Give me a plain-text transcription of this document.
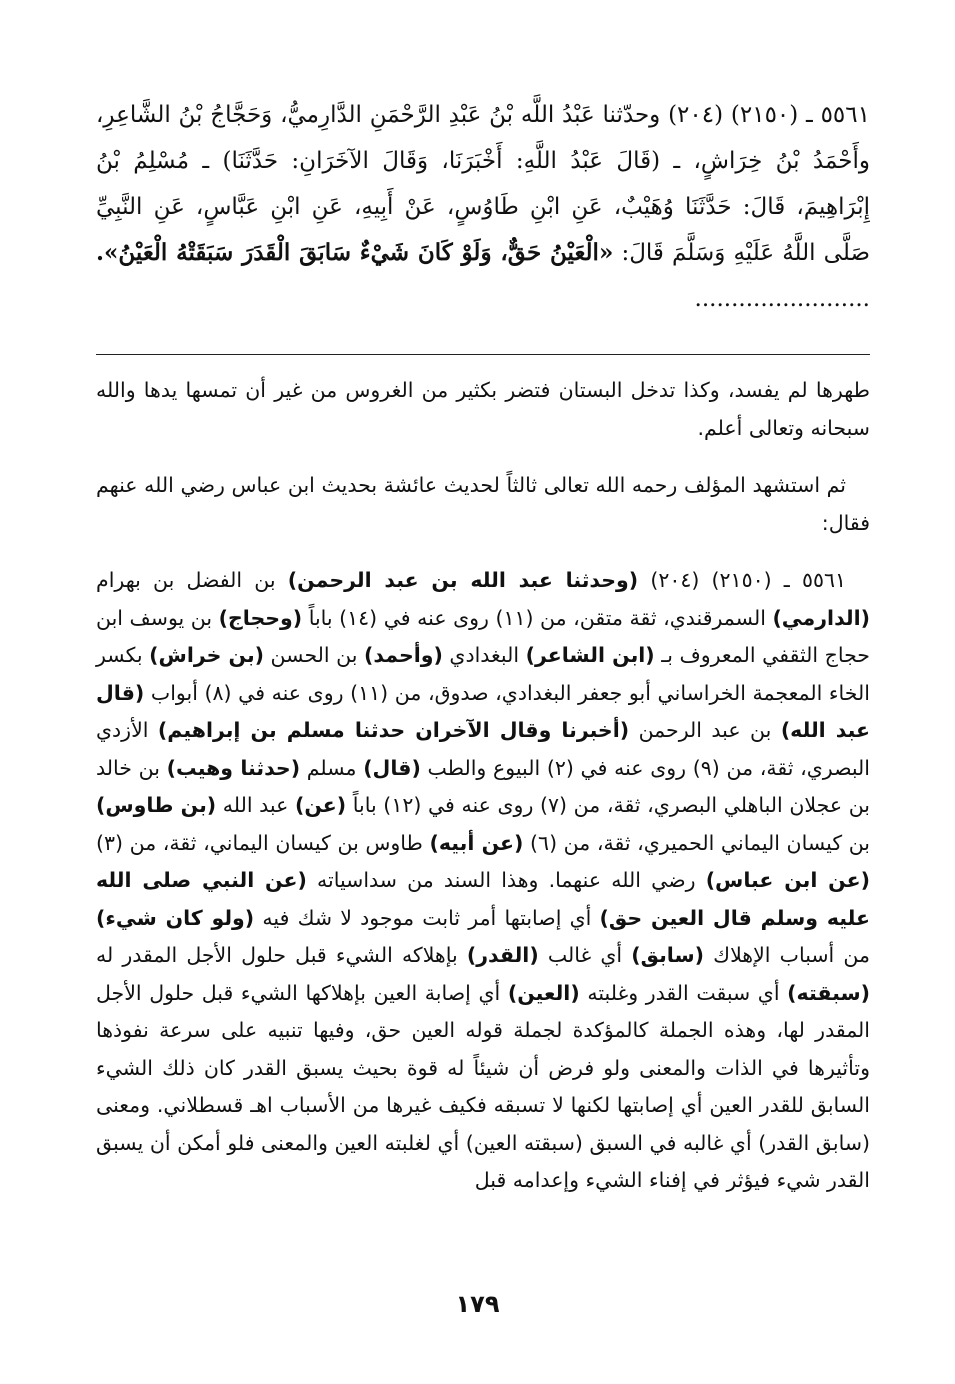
٥٥٦١ ـ (٢١٥٠) (٢٠٤) وحدّثنا عَبْدُ اللَّه بْنُ عَبْدِ الرَّحْمَنِ الدَّارِميُّ، وَحَجَّاجُ بْنُ الشَّاعِرِ، وأَحْمَدُ بْنُ خِرَاشٍ، ـ (قَالَ عَبْدُ اللَّهِ: أَخْبَرَنَا، وَقَالَ الآخَرَانِ: حَدَّثَنَا) ـ مُسْلِمُ بْنُ إِبْرَاهِيمَ، قَالَ: حَدَّثَنَا وُهَيْبٌ، عَنِ ابْنِ طَاوُسٍ، عَنْ أَبِيهِ، عَنِ ابْنِ عَبَّاسٍ، عَنِ النَّبِيِّ صَلَّى اللَّهُ عَلَيْهِ وَسَلَّمَ قَالَ: «الْعَيْنُ حَقٌّ، وَلَوْ كَانَ شَيْءٌ سَابَقَ الْقَدَرَ سَبَقَتْهُ الْعَيْنُ». ........................

طهرها لم يفسد، وكذا تدخل البستان فتضر بكثير من الغروس من غير أن تمسها يدها والله سبحانه وتعالى أعلم.

ثم استشهد المؤلف رحمه الله تعالى ثالثاً لحديث عائشة بحديث ابن عباس رضي الله عنهم فقال:

٥٥٦١ ـ (٢١٥٠) (٢٠٤) (وحدثنا عبد الله بن عبد الرحمن) بن الفضل بن بهرام (الدارمي) السمرقندي، ثقة متقن، من (١١) روى عنه في (١٤) باباً (وحجاج) بن يوسف ابن حجاج الثقفي المعروف بـ (ابن الشاعر) البغدادي (وأحمد) بن الحسن (بن خراش) بكسر الخاء المعجمة الخراساني أبو جعفر البغدادي، صدوق، من (١١) روى عنه في (٨) أبواب (قال عبد الله) بن عبد الرحمن (أخبرنا وقال الآخران حدثنا مسلم بن إبراهيم) الأزدي البصري، ثقة، من (٩) روى عنه في (٢) البيوع والطب (قال) مسلم (حدثنا وهيب) بن خالد بن عجلان الباهلي البصري، ثقة، من (٧) روى عنه في (١٢) باباً (عن) عبد الله (بن طاوس) بن كيسان اليماني الحميري، ثقة، من (٦) (عن أبيه) طاوس بن كيسان اليماني، ثقة، من (٣) (عن ابن عباس) رضي الله عنهما. وهذا السند من سداسياته (عن النبي صلى الله عليه وسلم قال العين حق) أي إصابتها أمر ثابت موجود لا شك فيه (ولو كان شيء) من أسباب الإهلاك (سابق) أي غالب (القدر) بإهلاكه الشيء قبل حلول الأجل المقدر له (سبقته) أي سبقت القدر وغلبته (العين) أي إصابة العين بإهلاكها الشيء قبل حلول الأجل المقدر لها، وهذه الجملة كالمؤكدة لجملة قوله العين حق، وفيها تنبيه على سرعة نفوذها وتأثيرها في الذات والمعنى ولو فرض أن شيئاً له قوة بحيث يسبق القدر كان ذلك الشيء السابق للقدر العين أي إصابتها لكنها لا تسبقه فكيف غيرها من الأسباب اهـ قسطلاني. ومعنى (سابق القدر) أي غالبه في السبق (سبقته العين) أي لغلبته العين والمعنى فلو أمكن أن يسبق القدر شيء فيؤثر في إفناء الشيء وإعدامه قبل

١٧٩
